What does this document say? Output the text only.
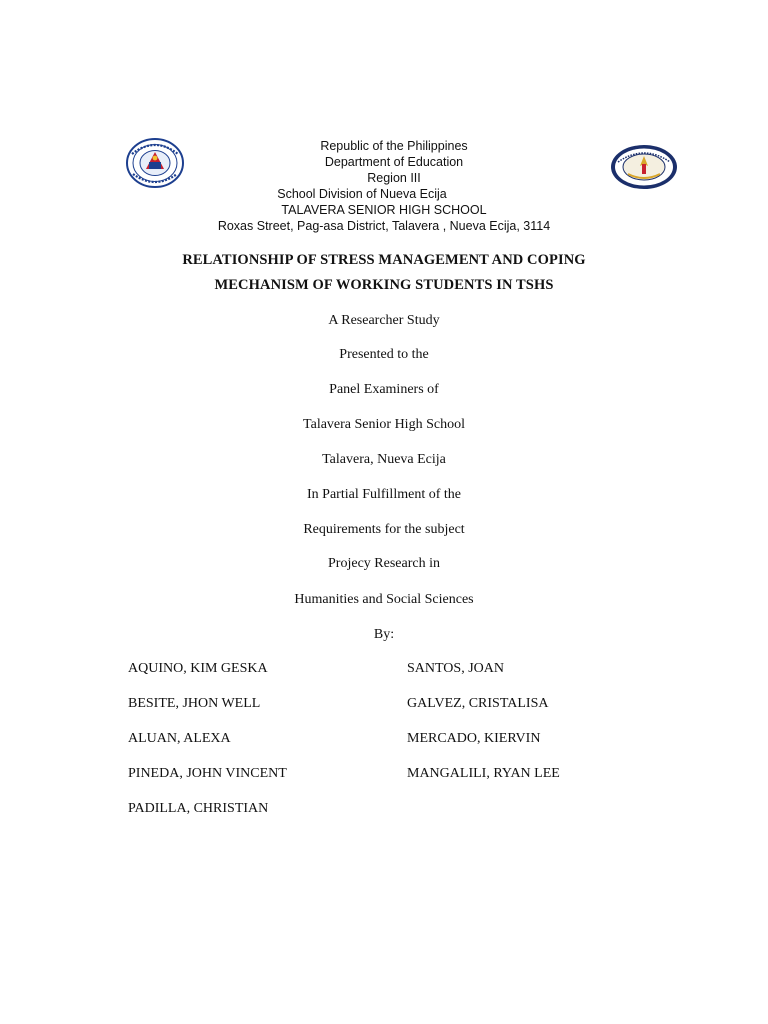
Republic of the Philippines
Department of Education
Region III
School Division of Nueva Ecija
TALAVERA SENIOR HIGH SCHOOL
Roxas Street, Pag-asa District, Talavera , Nueva Ecija, 3114
RELATIONSHIP OF STRESS MANAGEMENT AND COPING
MECHANISM OF WORKING STUDENTS IN TSHS
A Researcher Study
Presented to the
Panel Examiners of
Talavera Senior High School
Talavera, Nueva Ecija
In Partial Fulfillment of the
Requirements for the subject
Projecy Research in
Humanities and Social Sciences
By:
AQUINO, KIM GESKA
BESITE, JHON WELL
ALUAN, ALEXA
PINEDA, JOHN VINCENT
PADILLA, CHRISTIAN
SANTOS, JOAN
GALVEZ, CRISTALISA
MERCADO, KIERVIN
MANGALILI, RYAN LEE
